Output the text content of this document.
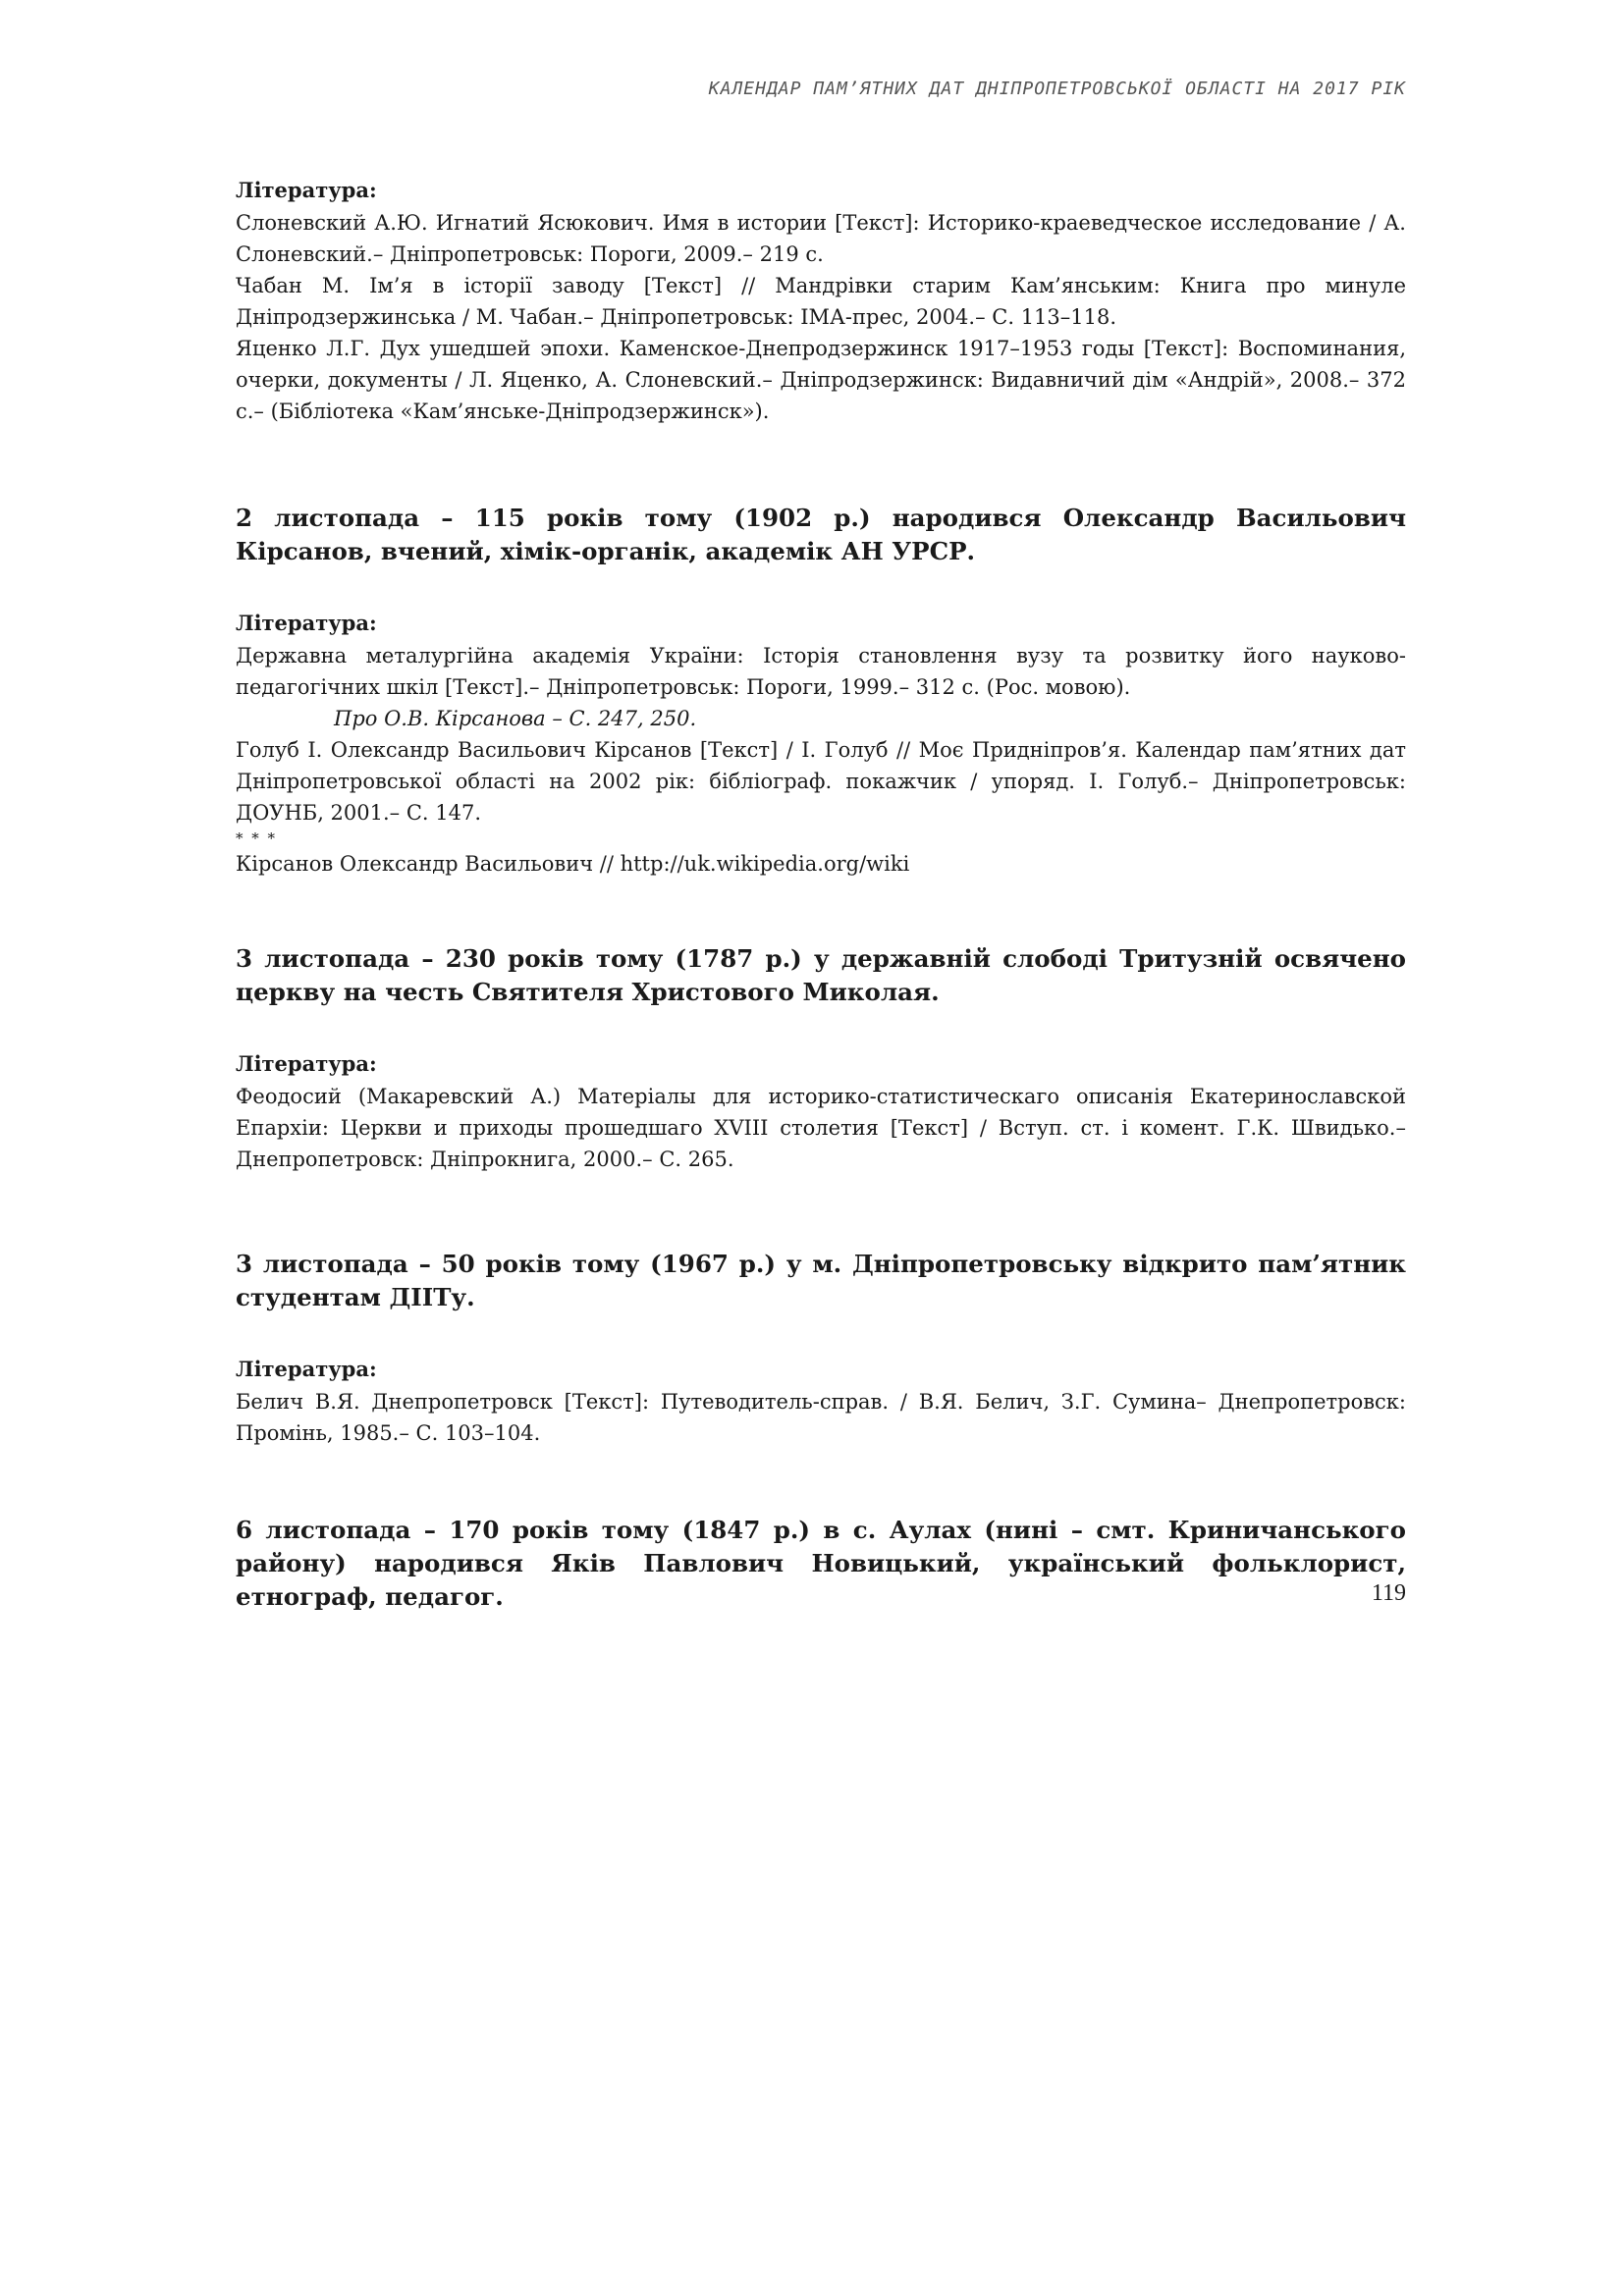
КАЛЕНДАР ПАМ’ЯТНИХ ДАТ ДНІПРОПЕТРОВСЬКОЇ ОБЛАСТІ НА 2017 РІК
Література:

Слоневский А.Ю. Игнатий Ясюкович. Имя в истории [Текст]: Историко-краеведческое исследование / А. Слоневский.– Дніпропетровськ: Пороги, 2009.– 219 с.

Чабан М. Ім’я в історії заводу [Текст] // Мандрівки старим Кам’янським: Книга про минуле Дніпродзержинська / М. Чабан.– Дніпропетровськ: ІМА-прес, 2004.– С. 113–118.

Яценко Л.Г. Дух ушедшей эпохи. Каменское-Днепродзержинск 1917–1953 годы [Текст]: Воспоминания, очерки, документы / Л. Яценко, А. Слоневский.– Днiпродзержинск: Видавничий дім «Андрій», 2008.– 372 с.– (Бібліотека «Кам’янське-Дніпродзержинск»).

2 листопада – 115 років тому (1902 р.) народився Олександр Васильович Кірсанов, вчений, хімік-органік, академік АН УРСР.
Література:

Державна металургійна академія України: Історія становлення вузу та розвитку його науково-педагогічних шкіл [Текст].– Дніпропетровськ: Пороги, 1999.– 312 с. (Рос. мовою).

Про О.В. Кірсанова – С. 247, 250.

Голуб І. Олександр Васильович Кірсанов [Текст] / І. Голуб // Моє Придніпров’я. Календар пам’ятних дат Дніпропетровської області на 2002 рік: бібліограф. покажчик / упоряд. І. Голуб.– Дніпропетровськ: ДОУНБ, 2001.– С. 147.

* * *

Кірсанов Олександр Васильович // http://uk.wikipedia.org/wiki

3 листопада – 230 років тому (1787 р.) у державній слободі Тритузній освячено церкву на честь Святителя Христового Миколая.
Література:

Феодосий (Макаревский А.) Матеріалы для историко-статистическаго описанія Екатеринославской Епархіи: Церкви и приходы прошедшаго XVIII столетия [Текст] / Вступ. ст. і комент. Г.К. Швидько.– Днепропетровск: Дніпрокнига, 2000.– С. 265.

3 листопада – 50 років тому (1967 р.) у м. Дніпропетровську відкрито пам’ятник студентам ДІІТу.
Література:

Белич В.Я. Днепропетровск [Текст]: Путеводитель-справ. / В.Я. Белич, З.Г. Сумина– Днепропетровск: Промінь, 1985.– С. 103–104.

6 листопада – 170 років тому (1847 р.) в с. Аулах (нині – смт. Криничанського району) народився Яків Павлович Новицький, український фольклорист, етнограф, педагог.	119
